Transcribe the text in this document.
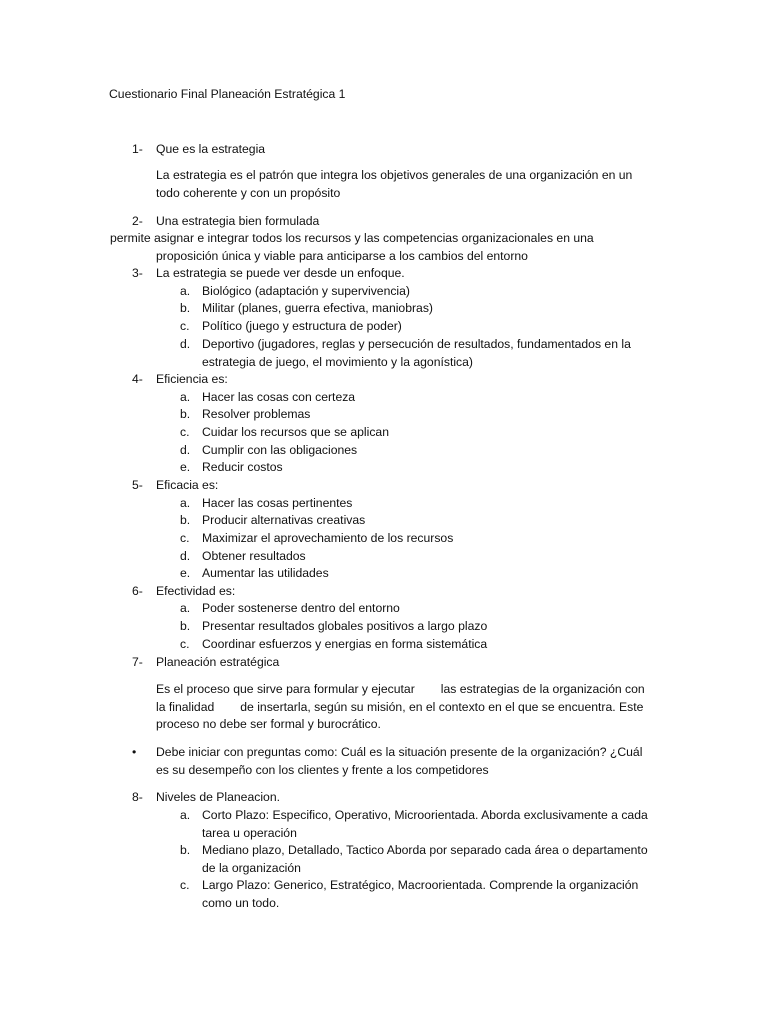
Cuestionario Final Planeación Estratégica 1
1- Que es la estrategia
La estrategia es el patrón que integra los objetivos generales de una organización en un todo coherente y con un propósito
2- Una estrategia bien formulada
permite asignar e integrar todos los recursos y las competencias organizacionales en una
proposición única y viable para anticiparse a los cambios del entorno
3- La estrategia se puede ver desde un enfoque.
a. Biológico (adaptación y supervivencia)
b. Militar (planes, guerra efectiva, maniobras)
c. Político (juego y estructura de poder)
d. Deportivo (jugadores, reglas y persecución de resultados, fundamentados en la estrategia de juego, el movimiento y la agonística)
4- Eficiencia es:
a. Hacer las cosas con certeza
b. Resolver problemas
c. Cuidar los recursos que se aplican
d. Cumplir con las obligaciones
e. Reducir costos
5- Eficacia es:
a. Hacer las cosas pertinentes
b. Producir alternativas creativas
c. Maximizar el aprovechamiento de los recursos
d. Obtener resultados
e. Aumentar las utilidades
6- Efectividad es:
a. Poder sostenerse dentro del entorno
b. Presentar resultados globales positivos a largo plazo
c. Coordinar esfuerzos y energias en forma sistemática
7- Planeación estratégica
Es el proceso que sirve para formular y ejecutar las estrategias de la organización con la finalidad de insertarla, según su misión, en el contexto en el que se encuentra. Este proceso no debe ser formal y burocrático.
• Debe iniciar con preguntas como: Cuál es la situación presente de la organización? ¿Cuál es su desempeño con los clientes y frente a los competidores
8- Niveles de Planeacion.
a. Corto Plazo: Especifico, Operativo, Microorientada. Aborda exclusivamente a cada tarea u operación
b. Mediano plazo, Detallado, Tactico Aborda por separado cada área o departamento de la organización
c. Largo Plazo: Generico, Estratégico, Macroorientada. Comprende la organización como un todo.
